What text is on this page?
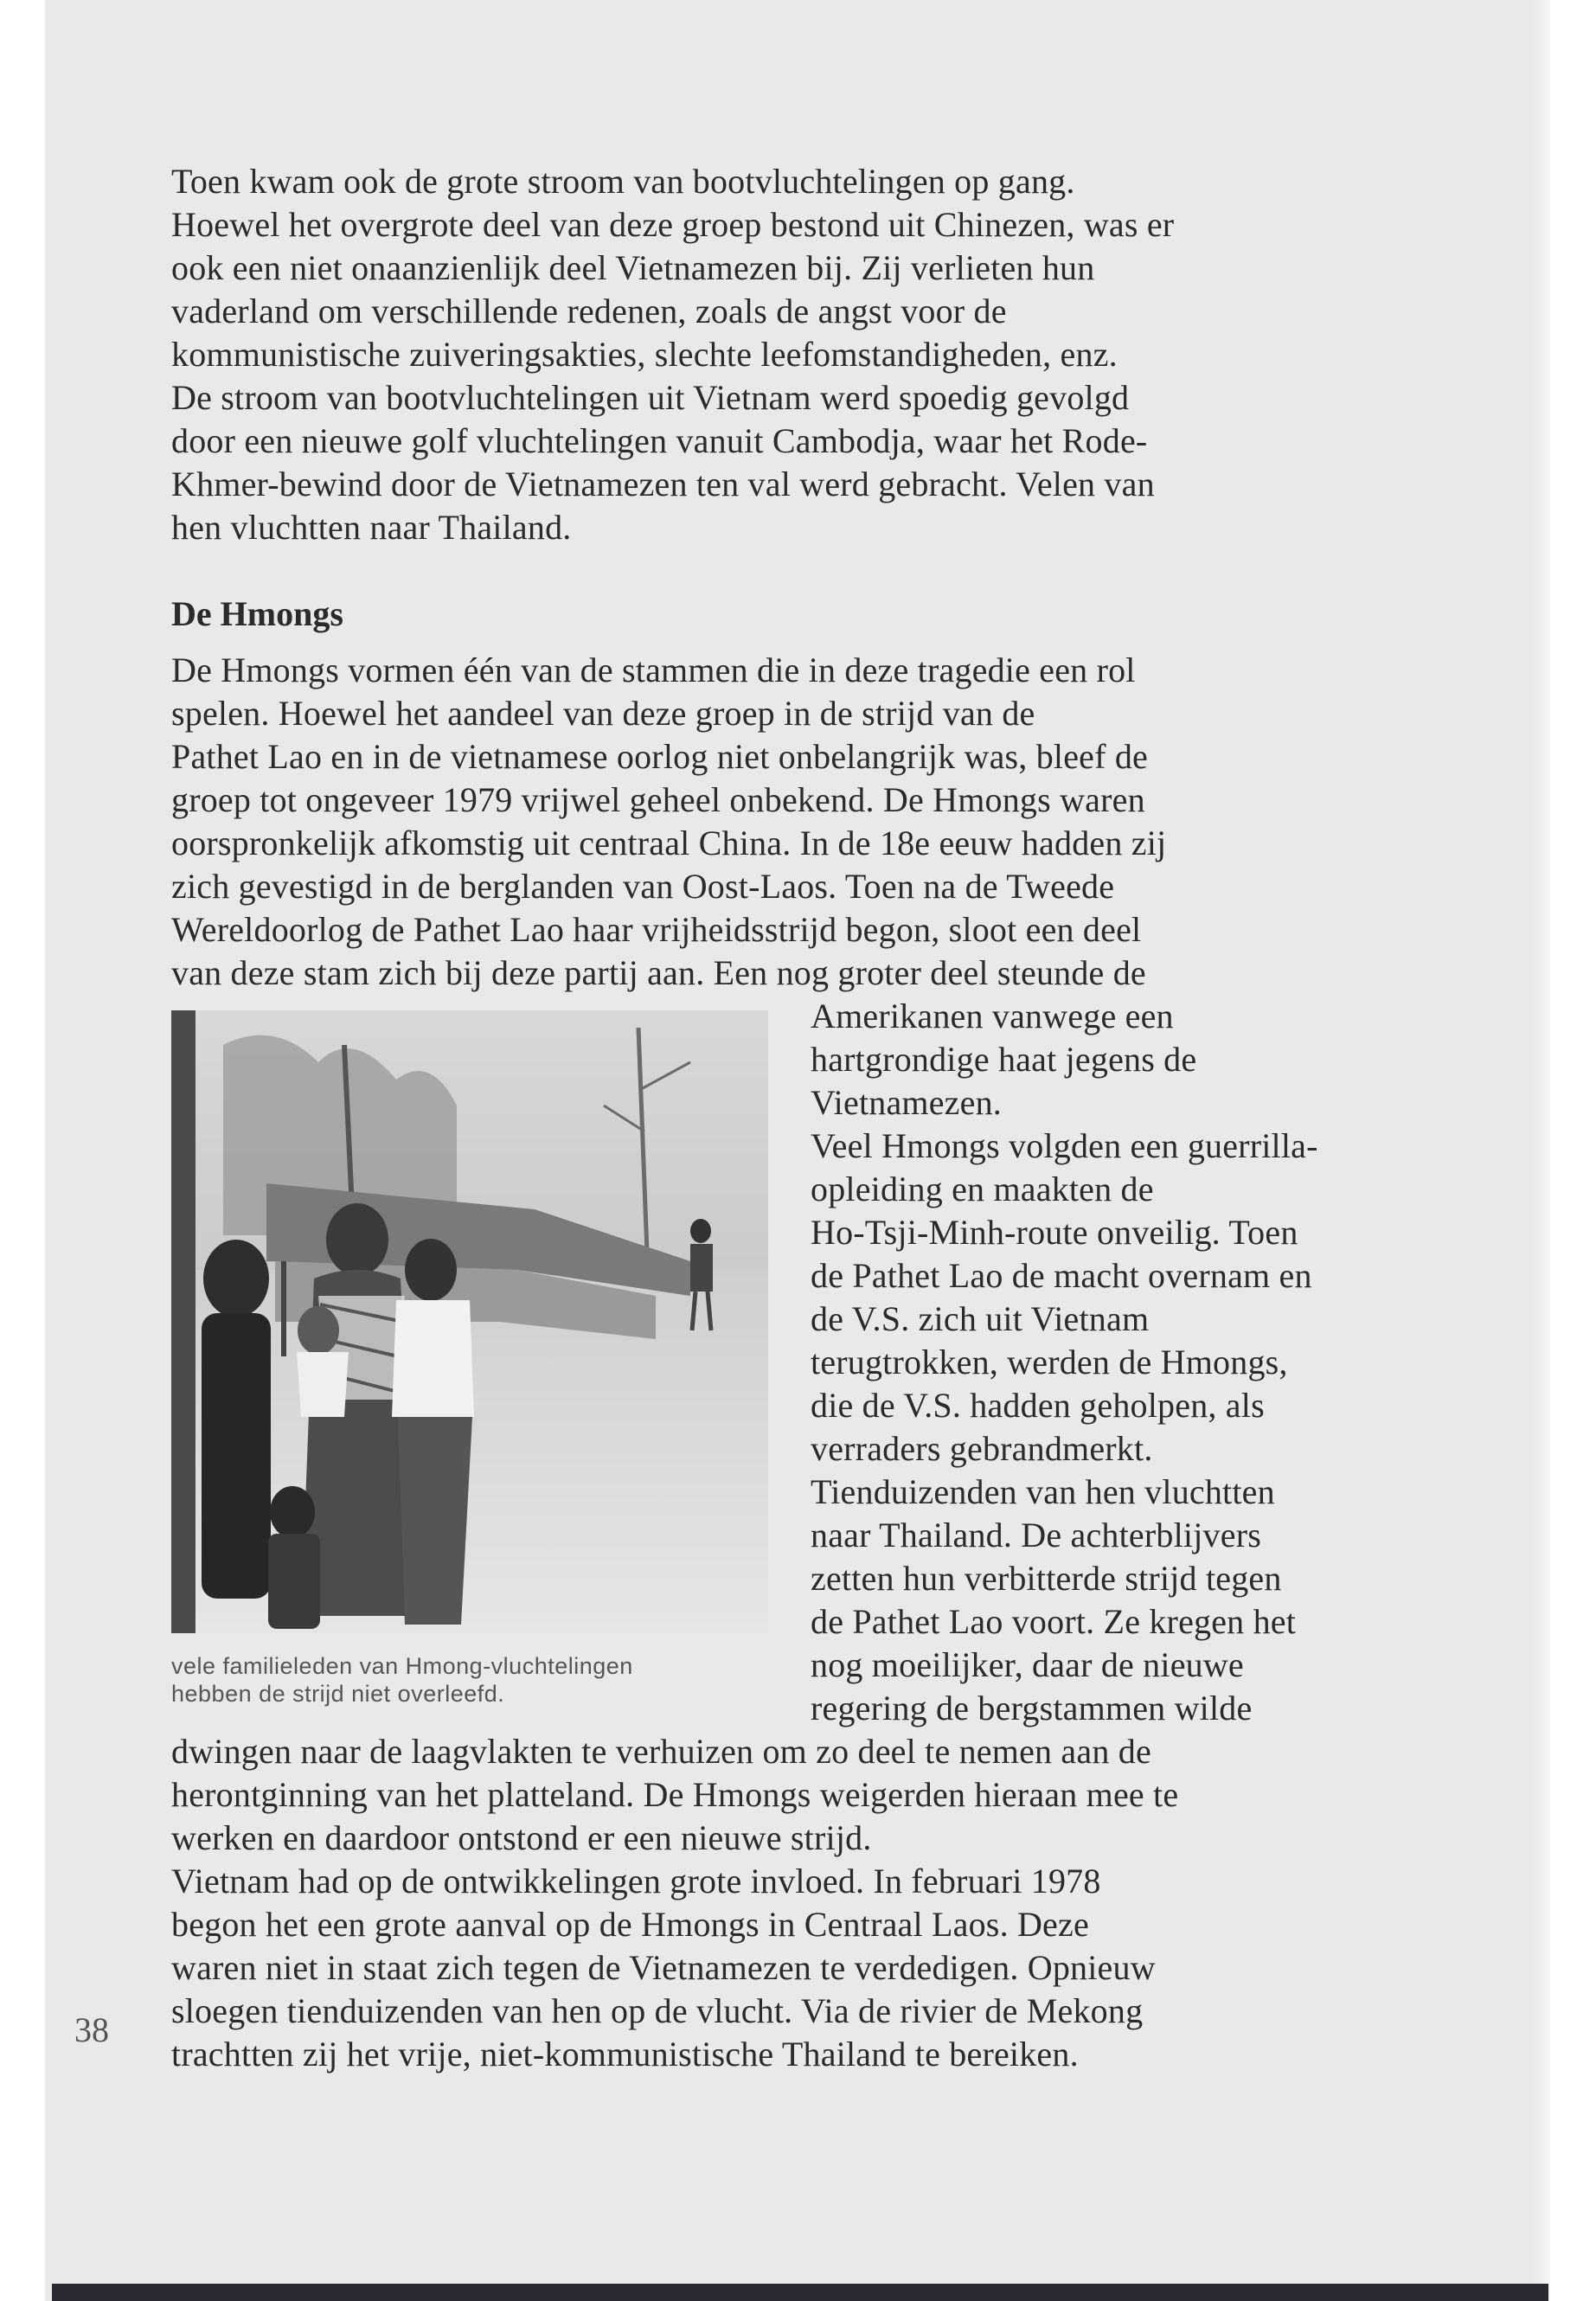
Toen kwam ook de grote stroom van bootvluchtelingen op gang.
Hoewel het overgrote deel van deze groep bestond uit Chinezen, was er
ook een niet onaanzienlijk deel Vietnamezen bij. Zij verlieten hun
vaderland om verschillende redenen, zoals de angst voor de
kommunistische zuiveringsakties, slechte leefomstandigheden, enz.
De stroom van bootvluchtelingen uit Vietnam werd spoedig gevolgd
door een nieuwe golf vluchtelingen vanuit Cambodja, waar het Rode-
Khmer-bewind door de Vietnamezen ten val werd gebracht. Velen van
hen vluchtten naar Thailand.
De Hmongs
De Hmongs vormen één van de stammen die in deze tragedie een rol
spelen. Hoewel het aandeel van deze groep in de strijd van de
Pathet Lao en in de vietnamese oorlog niet onbelangrijk was, bleef de
groep tot ongeveer 1979 vrijwel geheel onbekend. De Hmongs waren
oorspronkelijk afkomstig uit centraal China. In de 18e eeuw hadden zij
zich gevestigd in de berglanden van Oost-Laos. Toen na de Tweede
Wereldoorlog de Pathet Lao haar vrijheidsstrijd begon, sloot een deel
van deze stam zich bij deze partij aan. Een nog groter deel steunde de
vele familieleden van Hmong-vluchtelingen
hebben de strijd niet overleefd.
Amerikanen vanwege een
hartgrondige haat jegens de
Vietnamezen.
Veel Hmongs volgden een guerrilla-
opleiding en maakten de
Ho-Tsji-Minh-route onveilig. Toen
de Pathet Lao de macht overnam en
de V.S. zich uit Vietnam
terugtrokken, werden de Hmongs,
die de V.S. hadden geholpen, als
verraders gebrandmerkt.
Tienduizenden van hen vluchtten
naar Thailand. De achterblijvers
zetten hun verbitterde strijd tegen
de Pathet Lao voort. Ze kregen het
nog moeilijker, daar de nieuwe
regering de bergstammen wilde
dwingen naar de laagvlakten te verhuizen om zo deel te nemen aan de
herontginning van het platteland. De Hmongs weigerden hieraan mee te
werken en daardoor ontstond er een nieuwe strijd.
Vietnam had op de ontwikkelingen grote invloed. In februari 1978
begon het een grote aanval op de Hmongs in Centraal Laos. Deze
waren niet in staat zich tegen de Vietnamezen te verdedigen. Opnieuw
sloegen tienduizenden van hen op de vlucht. Via de rivier de Mekong
trachtten zij het vrije, niet-kommunistische Thailand te bereiken.
38
